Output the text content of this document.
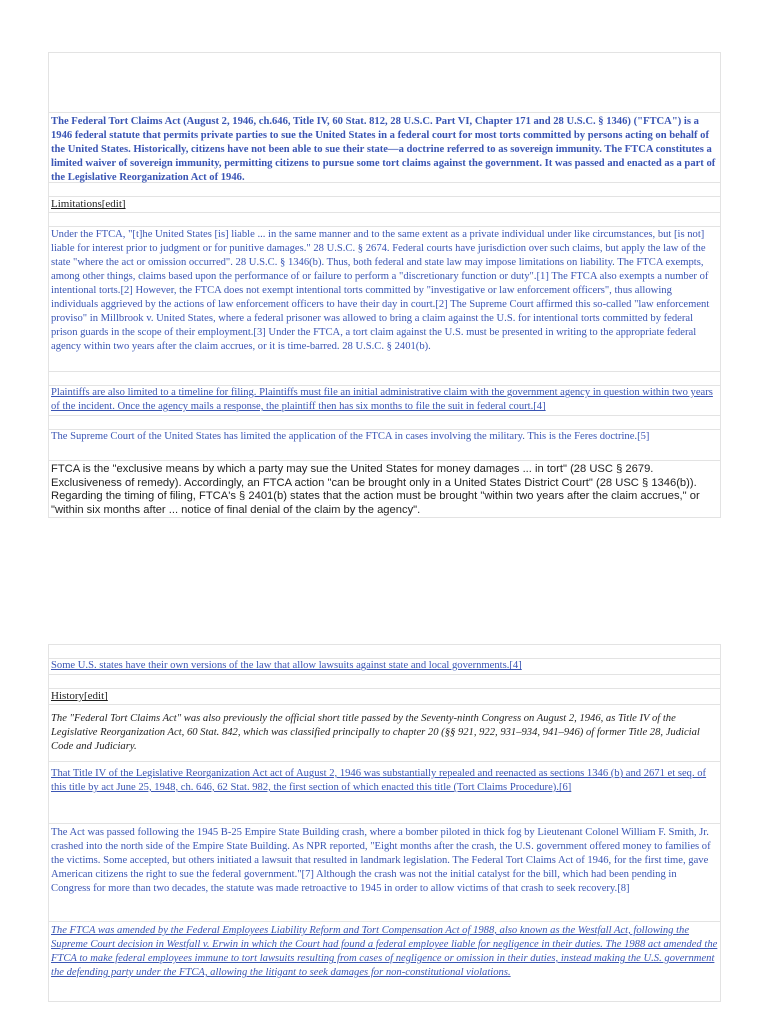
The Federal Tort Claims Act (August 2, 1946, ch.646, Title IV, 60 Stat. 812, 28 U.S.C. Part VI, Chapter 171 and 28 U.S.C. § 1346) ("FTCA") is a 1946 federal statute that permits private parties to sue the United States in a federal court for most torts committed by persons acting on behalf of the United States. Historically, citizens have not been able to sue their state—a doctrine referred to as sovereign immunity. The FTCA constitutes a limited waiver of sovereign immunity, permitting citizens to pursue some tort claims against the government. It was passed and enacted as a part of the Legislative Reorganization Act of 1946.
Limitations[edit]
Under the FTCA, "[t]he United States [is] liable ... in the same manner and to the same extent as a private individual under like circumstances, but [is not] liable for interest prior to judgment or for punitive damages." 28 U.S.C. § 2674. Federal courts have jurisdiction over such claims, but apply the law of the state "where the act or omission occurred". 28 U.S.C. § 1346(b). Thus, both federal and state law may impose limitations on liability. The FTCA exempts, among other things, claims based upon the performance of or failure to perform a "discretionary function or duty".[1] The FTCA also exempts a number of intentional torts.[2] However, the FTCA does not exempt intentional torts committed by "investigative or law enforcement officers", thus allowing individuals aggrieved by the actions of law enforcement officers to have their day in court.[2] The Supreme Court affirmed this so-called "law enforcement proviso" in Millbrook v. United States, where a federal prisoner was allowed to bring a claim against the U.S. for intentional torts committed by federal prison guards in the scope of their employment.[3] Under the FTCA, a tort claim against the U.S. must be presented in writing to the appropriate federal agency within two years after the claim accrues, or it is time-barred. 28 U.S.C. § 2401(b).
Plaintiffs are also limited to a timeline for filing. Plaintiffs must file an initial administrative claim with the government agency in question within two years of the incident. Once the agency mails a response, the plaintiff then has six months to file the suit in federal court.[4]
The Supreme Court of the United States has limited the application of the FTCA in cases involving the military. This is the Feres doctrine.[5]
FTCA is the "exclusive means by which a party may sue the United States for money damages ... in tort" (28 USC § 2679. Exclusiveness of remedy). Accordingly, an FTCA action "can be brought only in a United States District Court" (28 USC § 1346(b)). Regarding the timing of filing, FTCA's § 2401(b) states that the action must be brought "within two years after the claim accrues," or "within six months after ... notice of final denial of the claim by the agency".
Some U.S. states have their own versions of the law that allow lawsuits against state and local governments.[4]
History[edit]
The "Federal Tort Claims Act" was also previously the official short title passed by the Seventy-ninth Congress on August 2, 1946, as Title IV of the Legislative Reorganization Act, 60 Stat. 842, which was classified principally to chapter 20 (§§ 921, 922, 931–934, 941–946) of former Title 28, Judicial Code and Judiciary.
That Title IV of the Legislative Reorganization Act act of August 2, 1946 was substantially repealed and reenacted as sections 1346 (b) and 2671 et seq. of this title by act June 25, 1948, ch. 646, 62 Stat. 982, the first section of which enacted this title (Tort Claims Procedure).[6]
The Act was passed following the 1945 B-25 Empire State Building crash, where a bomber piloted in thick fog by Lieutenant Colonel William F. Smith, Jr. crashed into the north side of the Empire State Building. As NPR reported, "Eight months after the crash, the U.S. government offered money to families of the victims. Some accepted, but others initiated a lawsuit that resulted in landmark legislation. The Federal Tort Claims Act of 1946, for the first time, gave American citizens the right to sue the federal government."[7] Although the crash was not the initial catalyst for the bill, which had been pending in Congress for more than two decades, the statute was made retroactive to 1945 in order to allow victims of that crash to seek recovery.[8]
The FTCA was amended by the Federal Employees Liability Reform and Tort Compensation Act of 1988, also known as the Westfall Act, following the Supreme Court decision in Westfall v. Erwin in which the Court had found a federal employee liable for negligence in their duties. The 1988 act amended the FTCA to make federal employees immune to tort lawsuits resulting from cases of negligence or omission in their duties, instead making the U.S. government the defending party under the FTCA, allowing the litigant to seek damages for non-constitutional violations.
